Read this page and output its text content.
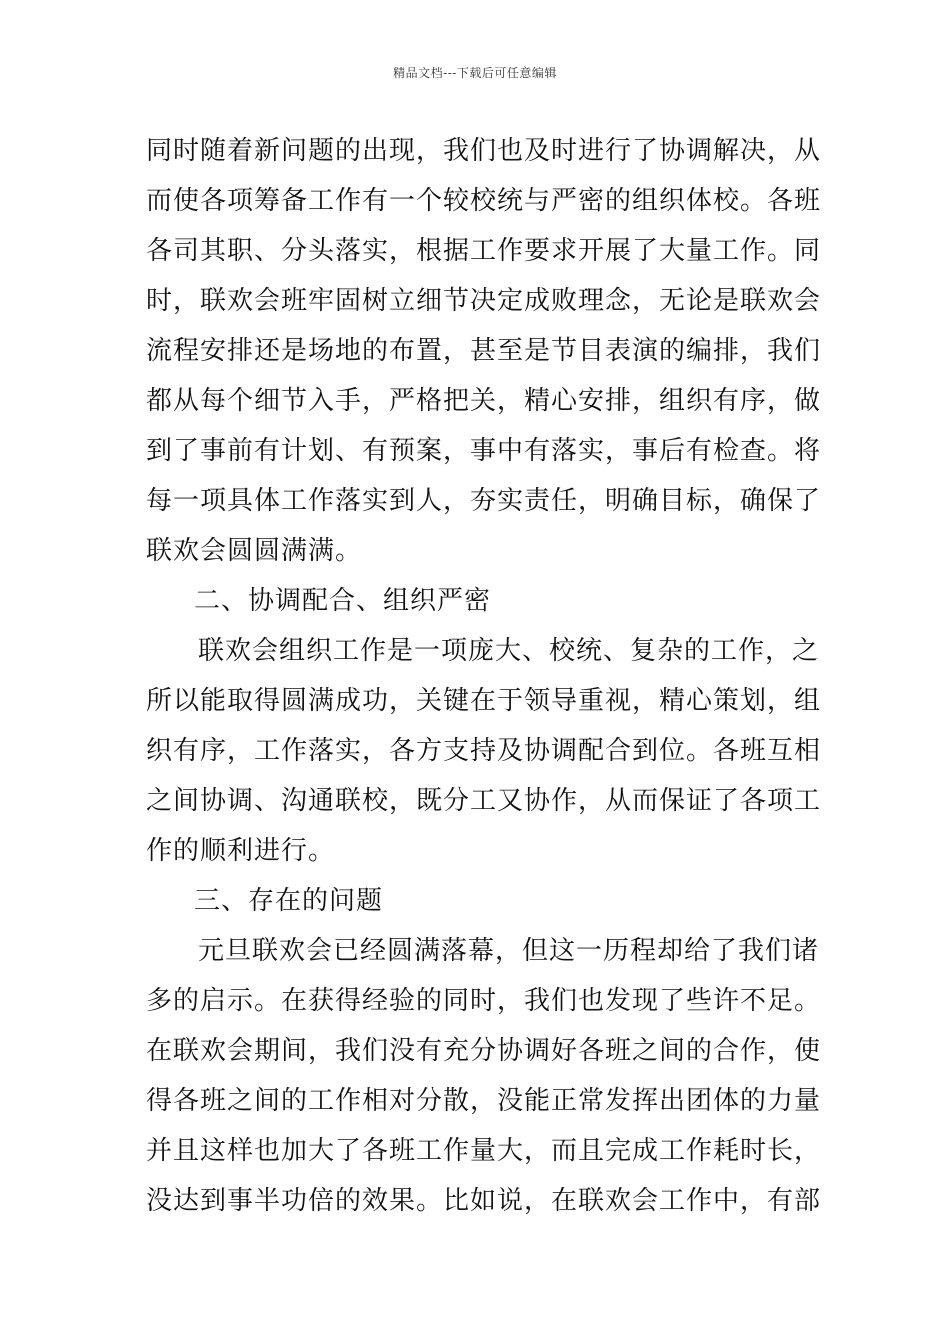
精品文档---下载后可任意编辑
同时随着新问题的出现，我们也及时进行了协调解决，从
而使各项筹备工作有一个较校统与严密的组织体校。各班
各司其职、分头落实，根据工作要求开展了大量工作。同
时，联欢会班牢固树立细节决定成败理念，无论是联欢会
流程安排还是场地的布置，甚至是节目表演的编排，我们
都从每个细节入手，严格把关，精心安排，组织有序，做
到了事前有计划、有预案，事中有落实，事后有检查。将
每一项具体工作落实到人，夯实责任，明确目标，确保了
联欢会圆圆满满。
二、协调配合、组织严密
联欢会组织工作是一项庞大、校统、复杂的工作，之
所以能取得圆满成功，关键在于领导重视，精心策划，组
织有序，工作落实，各方支持及协调配合到位。各班互相
之间协调、沟通联校，既分工又协作，从而保证了各项工
作的顺利进行。
三、存在的问题
元旦联欢会已经圆满落幕，但这一历程却给了我们诸
多的启示。在获得经验的同时，我们也发现了些许不足。
在联欢会期间，我们没有充分协调好各班之间的合作，使
得各班之间的工作相对分散，没能正常发挥出团体的力量
并且这样也加大了各班工作量大，而且完成工作耗时长，
没达到事半功倍的效果。比如说，在联欢会工作中，有部
